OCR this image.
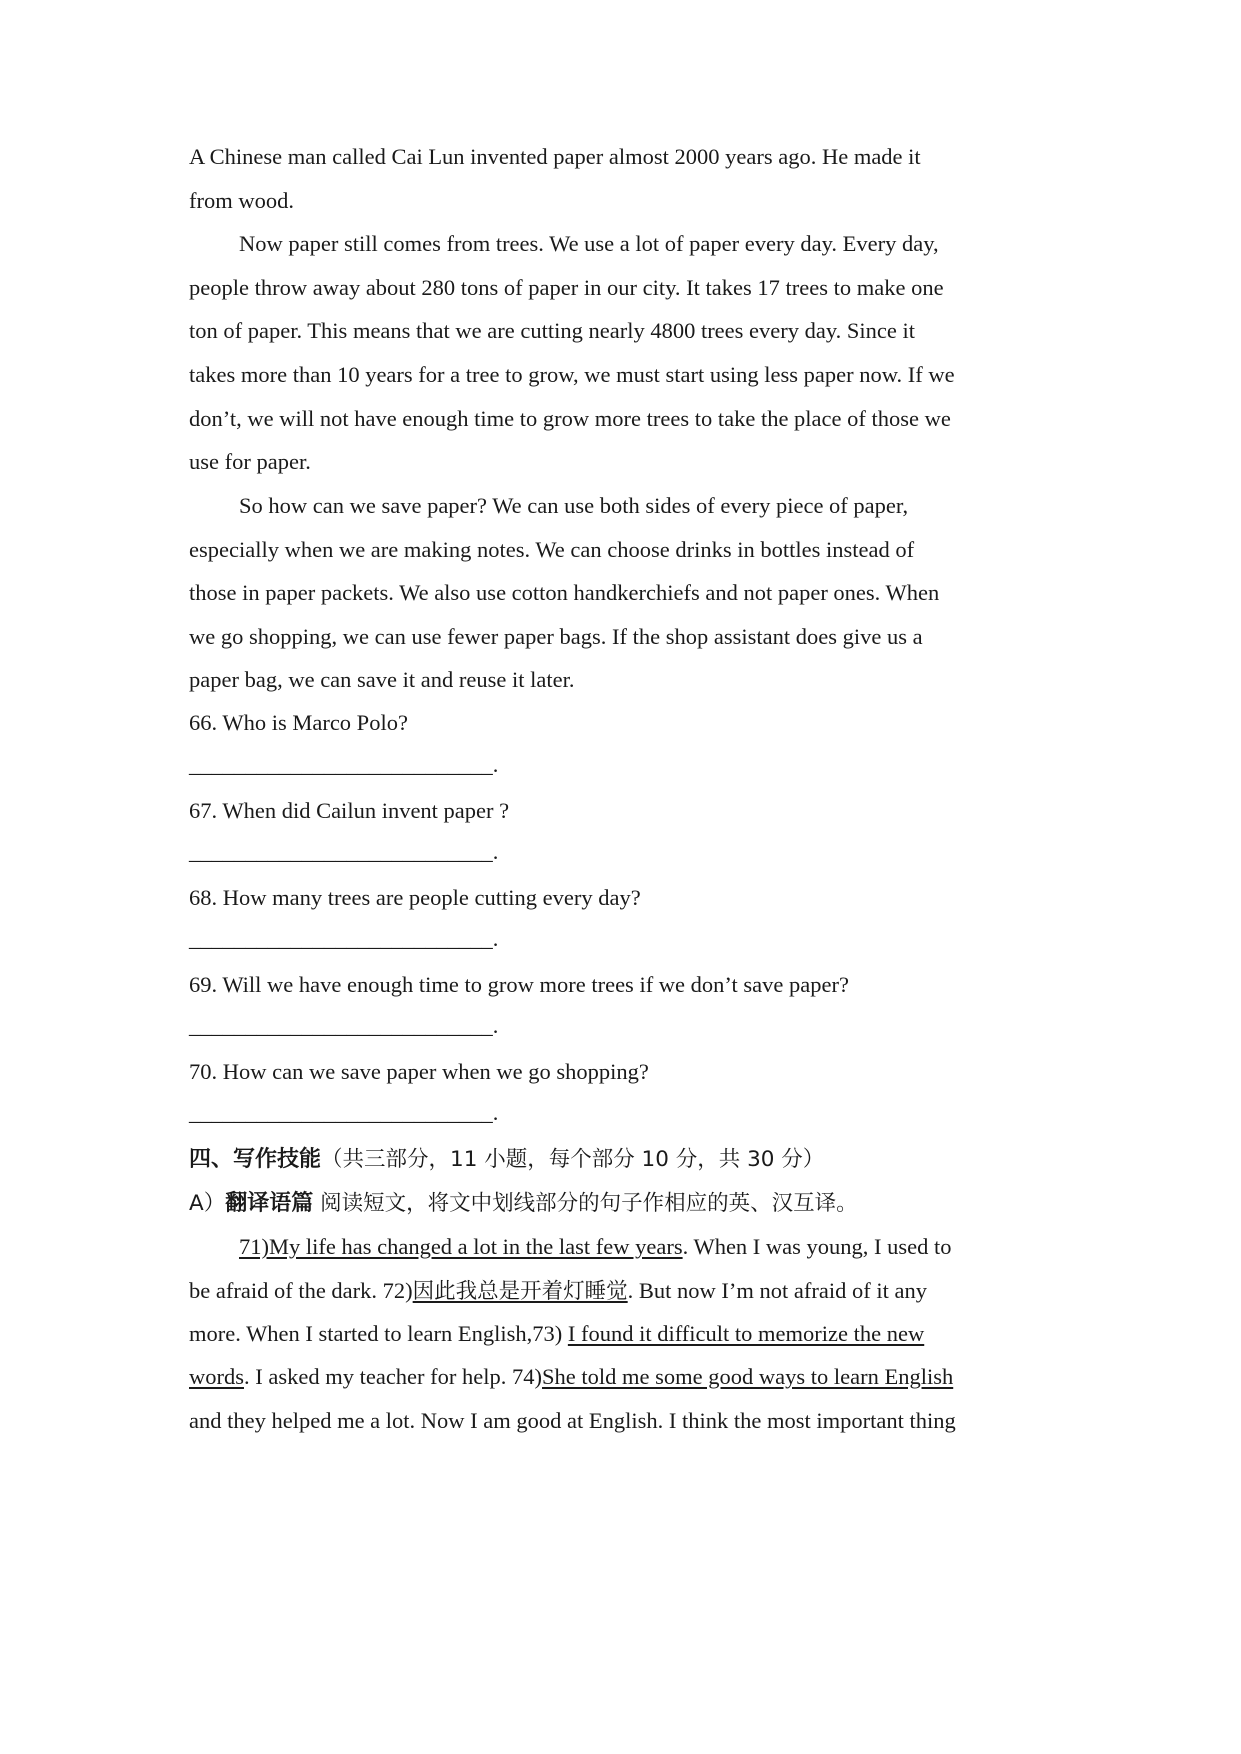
A Chinese man called Cai Lun invented paper almost 2000 years ago. He made it
from wood.
Now paper still comes from trees. We use a lot of paper every day. Every day,
people throw away about 280 tons of paper in our city. It takes 17 trees to make one
ton of paper. This means that we are cutting nearly 4800 trees every day. Since it
takes more than 10 years for a tree to grow, we must start using less paper now. If we
don’t, we will not have enough time to grow more trees to take the place of those we
use for paper.
So how can we save paper? We can use both sides of every piece of paper,
especially when we are making notes. We can choose drinks in bottles instead of
those in paper packets. We also use cotton handkerchiefs and not paper ones. When
we go shopping, we can use fewer paper bags. If the shop assistant does give us a
paper bag, we can save it and reuse it later.
66. Who is Marco Polo?
___________________________.
67. When did Cailun invent paper ?
___________________________.
68. How many trees are people cutting every day?
___________________________.
69. Will we have enough time to grow more trees if we don’t save paper?
___________________________.
70. How can we save paper when we go shopping?
___________________________.
四、写作技能（共三部分，11 小题，每个部分 10 分，共 30 分）
A）翻译语篇 阅读短文，将文中划线部分的句子作相应的英、汉互译。
71)My life has changed a lot in the last few years. When I was young, I used to
be afraid of the dark. 72)因此我总是开着灯睡觉. But now I’m not afraid of it any
more. When I started to learn English,73) I found it difficult to memorize the new
words. I asked my teacher for help. 74)She told me some good ways to learn English
and they helped me a lot. Now I am good at English. I think the most important thing
